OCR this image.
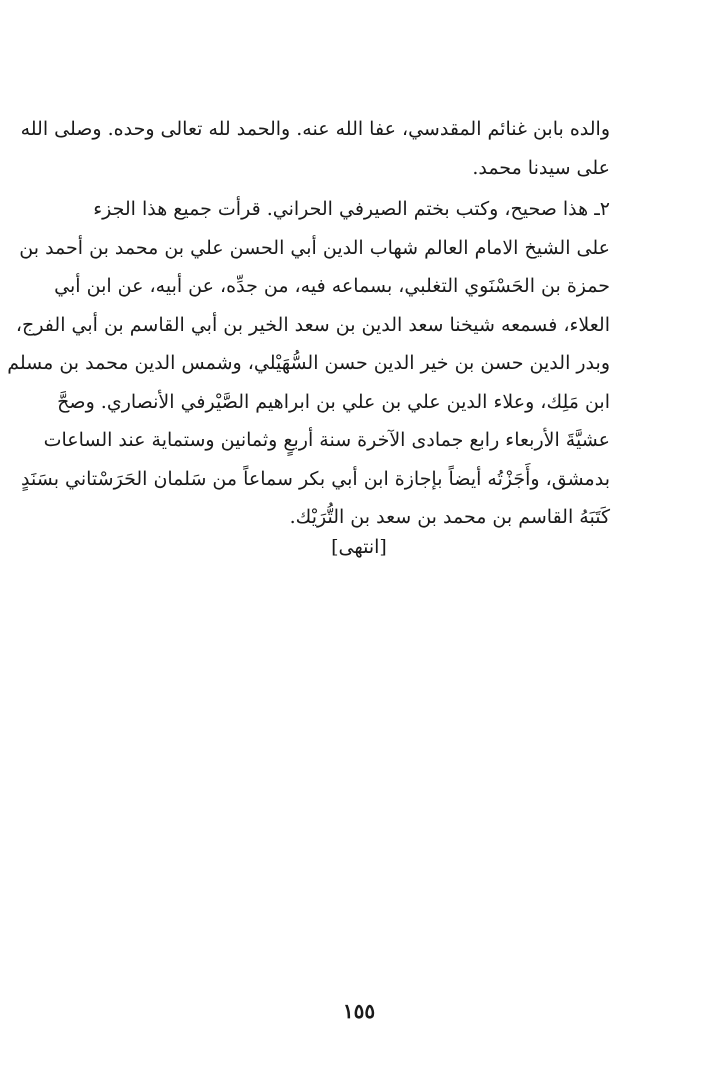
والده بابن غنائم المقدسي، عفا الله عنه. والحمد لله تعالى وحده. وصلى الله
على سيدنا محمد.
٢ـ هذا صحيح، وكتب بختم الصيرفي الحراني. قرأت جميع هذا الجزء
على الشيخ الامام العالم شهاب الدين أبي الحسن علي بن محمد بن أحمد بن
حمزة بن الحَسْنَوي التغلبي، بسماعه فيه، من جدِّه، عن أبيه، عن ابن أبي
العلاء، فسمعه شيخنا سعد الدين بن سعد الخير بن أبي القاسم بن أبي الفرج،
وبدر الدين حسن بن خير الدين حسن السُّهَيْلي، وشمس الدين محمد بن مسلم
ابن مَلِك، وعلاء الدين علي بن علي بن ابراهيم الصَّيْرفي الأنصاري. وصحَّ
عشيَّةَ الأربعاء رابع جمادى الآخرة سنة أربعٍ وثمانين وستماية عند الساعات
بدمشق، وأَجَزْتُه أيضاً بإجازة ابن أبي بكر سماعاً من سَلمان الحَرَسْتاني بسَنَدٍ
كَتَبَهُ القاسم بن محمد بن سعد بن التُّرَيْك.
[انتهى]
١٥٥
